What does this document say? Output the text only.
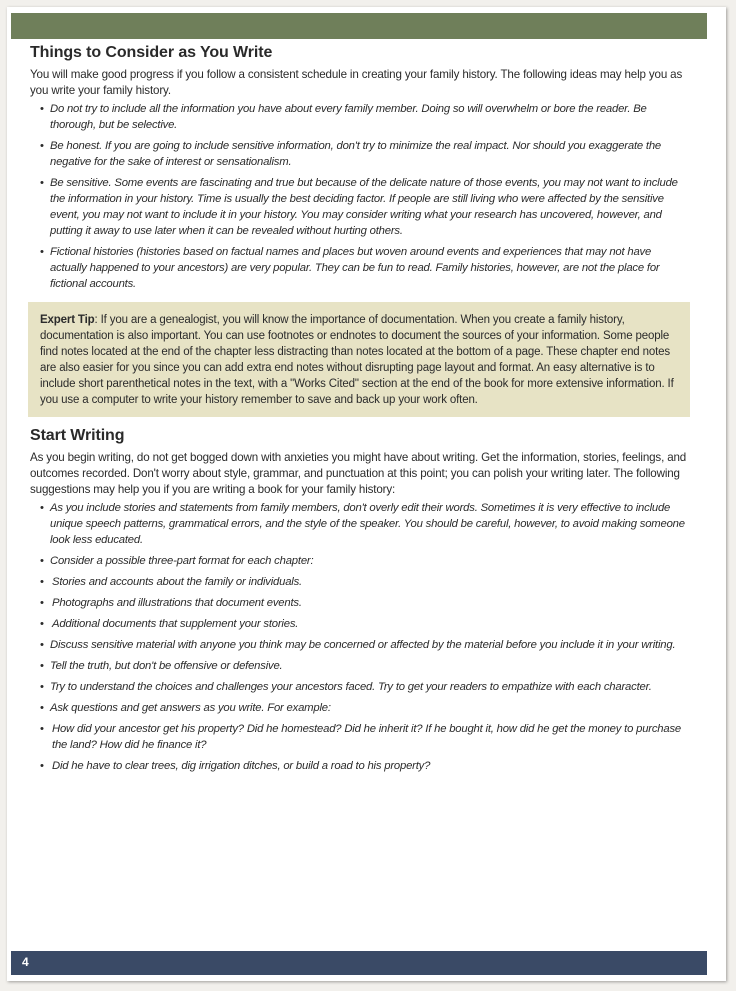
Things to Consider as You Write

You will make good progress if you follow a consistent schedule in creating your family history. The following ideas may help you as you write your family history.

• Do not try to include all the information you have about every family member. Doing so will overwhelm or bore the reader. Be thorough, but be selective.
• Be honest. If you are going to include sensitive information, don't try to minimize the real impact. Nor should you exaggerate the negative for the sake of interest or sensationalism.
• Be sensitive. Some events are fascinating and true but because of the delicate nature of those events, you may not want to include the information in your history. Time is usually the best deciding factor. If people are still living who were affected by the sensitive event, you may not want to include it in your history. You may consider writing what your research has uncovered, however, and putting it away to use later when it can be revealed without hurting others.
• Fictional histories (histories based on factual names and places but woven around events and experiences that may not have actually happened to your ancestors) are very popular. They can be fun to read. Family histories, however, are not the place for fictional accounts.
Expert Tip: If you are a genealogist, you will know the importance of documentation. When you create a family history, documentation is also important. You can use footnotes or endnotes to document the sources of your information. Some people find notes located at the end of the chapter less distracting than notes located at the bottom of a page. These chapter end notes are also easier for you since you can add extra end notes without disrupting page layout and format. An easy alternative is to include short parenthetical notes in the text, with a "Works Cited" section at the end of the book for more extensive information. If you use a computer to write your history remember to save and back up your work often.
Start Writing

As you begin writing, do not get bogged down with anxieties you might have about writing. Get the information, stories, feelings, and outcomes recorded. Don't worry about style, grammar, and punctuation at this point; you can polish your writing later. The following suggestions may help you if you are writing a book for your family history:

• As you include stories and statements from family members, don't overly edit their words. Sometimes it is very effective to include unique speech patterns, grammatical errors, and the style of the speaker. You should be careful, however, to avoid making someone look less educated.
• Consider a possible three-part format for each chapter:
• Stories and accounts about the family or individuals.
• Photographs and illustrations that document events.
• Additional documents that supplement your stories.
• Discuss sensitive material with anyone you think may be concerned or affected by the material before you include it in your writing.
• Tell the truth, but don't be offensive or defensive.
• Try to understand the choices and challenges your ancestors faced. Try to get your readers to empathize with each character.
• Ask questions and get answers as you write. For example:
• How did your ancestor get his property? Did he homestead? Did he inherit it? If he bought it, how did he get the money to purchase the land? How did he finance it?
• Did he have to clear trees, dig irrigation ditches, or build a road to his property?
4
